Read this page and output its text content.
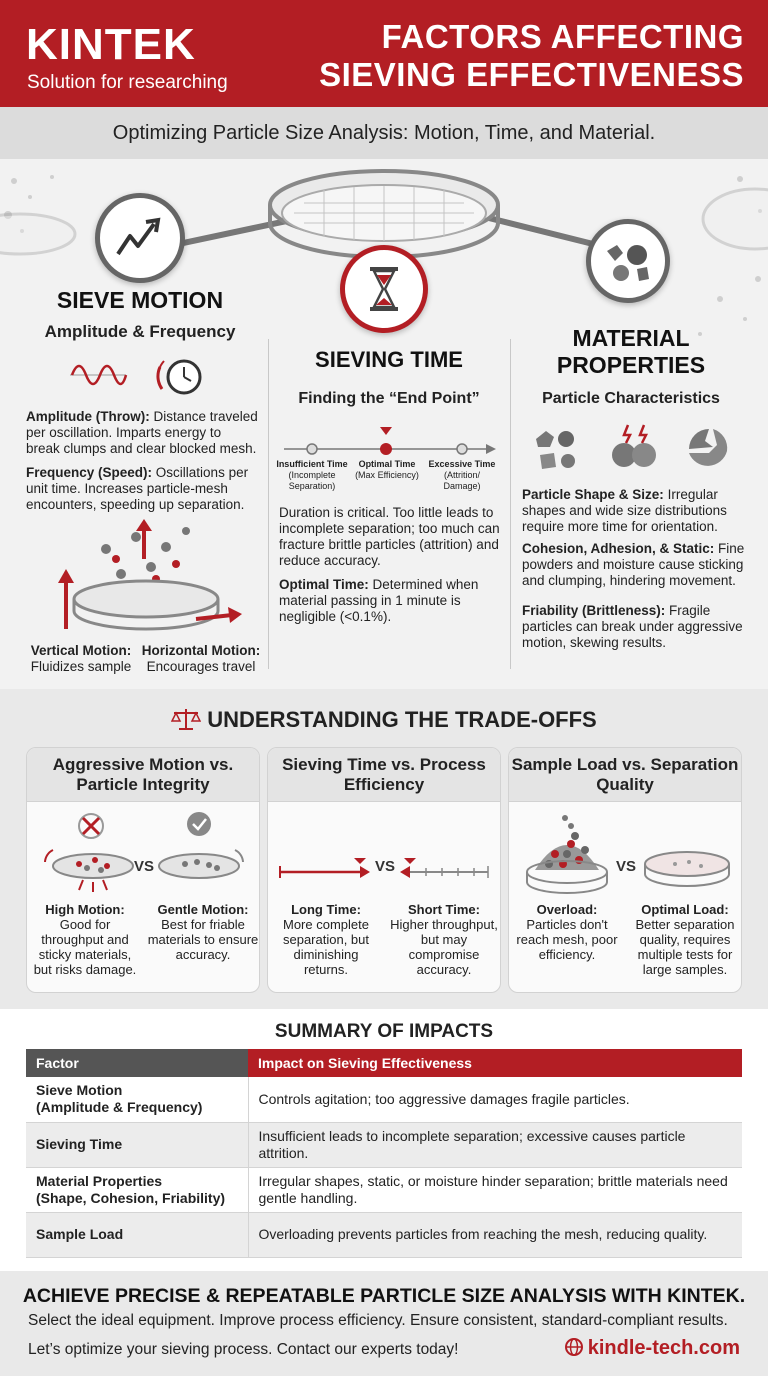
KINTEK
Solution for researching
FACTORS AFFECTING
SIEVING EFFECTIVENESS
Optimizing Particle Size Analysis: Motion, Time, and Material.
SIEVE MOTION
Amplitude & Frequency
Amplitude (Throw): Distance traveled per oscillation. Imparts energy to break clumps and clear blocked mesh.
Frequency (Speed): Oscillations per unit time. Increases particle-mesh encounters, speeding up separation.
Vertical Motion:
Fluidizes sample
Horizontal Motion:
Encourages travel
SIEVING TIME
Finding the “End Point”
Insufficient Time
(Incomplete Separation)
Optimal Time
(Max Efficiency)
Excessive Time
(Attrition/ Damage)
Duration is critical. Too little leads to incomplete separation; too much can fracture brittle particles (attrition) and reduce accuracy.
Optimal Time: Determined when material passing in 1 minute is negligible (<0.1%).
MATERIAL
PROPERTIES
Particle Characteristics
Particle Shape & Size: Irregular shapes and wide size distributions require more time for orientation.
Cohesion, Adhesion, & Static: Fine powders and moisture cause sticking and clumping, hindering movement.
Friability (Brittleness): Fragile particles can break under aggressive motion, skewing results.
UNDERSTANDING THE TRADE-OFFS
Aggressive Motion vs. Particle Integrity
VS
High Motion:
Good for throughput and sticky materials, but risks damage.
Gentle Motion:
Best for friable materials to ensure accuracy.
Sieving Time vs. Process Efficiency
VS
Long Time:
More complete separation, but diminishing returns.
Short Time:
Higher throughput, but may compromise accuracy.
Sample Load vs. Separation Quality
VS
Overload:
Particles don't reach mesh, poor efficiency.
Optimal Load:
Better separation quality, requires multiple tests for large samples.
SUMMARY OF IMPACTS
Factor	Impact on Sieving Effectiveness
Sieve Motion
(Amplitude & Frequency)	Controls agitation; too aggressive damages fragile particles.
Sieving Time	Insufficient leads to incomplete separation; excessive causes particle attrition.
Material Properties
(Shape, Cohesion, Friability)	Irregular shapes, static, or moisture hinder separation; brittle materials need gentle handling.
Sample Load	Overloading prevents particles from reaching the mesh, reducing quality.
ACHIEVE PRECISE & REPEATABLE PARTICLE SIZE ANALYSIS WITH KINTEK.
Select the ideal equipment. Improve process efficiency. Ensure consistent, standard-compliant results.
Let’s optimize your sieving process. Contact our experts today!	kindle-tech.com
